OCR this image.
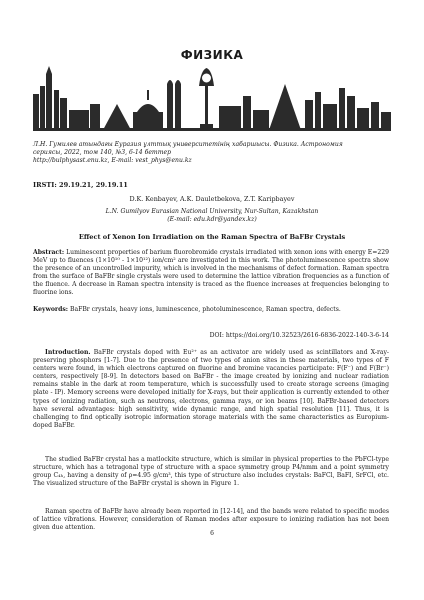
ФИЗИКА
Л.Н. Гумилев атындағы Еуразия ұлттық университетінің хабаршысы. Физика. Астрономия
сериясы, 2022, том 140, №3, 6-14 беттер
http://bulphysast.enu.kz, E-mail: vest_phys@enu.kz
IRSTI: 29.19.21, 29.19.11
D.K. Kenbayev, A.K. Dauletbekova, Z.T. Karipbayev
L.N. Gumilyov Eurasian National University, Nur-Sultan, Kazakhstan
(E-mail: edu.kdr@yandex.kz)
Effect of Xenon Ion Irradiation on the Raman Spectra of BaFBr Crystals
Abstract: Luminescent properties of barium fluorobromide crystals irradiated with xenon ions with energy E=229 MeV up to fluences (1×10¹⁰ - 1×10¹²) ion/cm² are investigated in this work. The photoluminescence spectra show the presence of an uncontrolled impurity, which is involved in the mechanisms of defect formation. Raman spectra from the surface of BaFBr single crystals were used to determine the lattice vibration frequencies as a function of the fluence. A decrease in Raman spectra intensity is traced as the fluence increases at frequencies belonging to fluorine ions.
Keywords: BaFBr crystals, heavy ions, luminescence, photoluminescence, Raman spectra, defects.
DOI: https://doi.org/10.32523/2616-6836-2022-140-3-6-14
Introduction. BaFBr crystals doped with Eu²⁺ as an activator are widely used as scintillators and X-ray-preserving phosphors [1-7]. Due to the presence of two types of anion sites in these materials, two types of F centers were found, in which electrons captured on fluorine and bromine vacancies participate: F(F⁻) and F(Br⁻) centers, respectively [8-9]. In detectors based on BaFBr - the image created by ionizing and nuclear radiation remains stable in the dark at room temperature, which is successfully used to create storage screens (imaging plate - IP). Memory screens were developed initially for X-rays, but their application is currently extended to other types of ionizing radiation, such as neutrons, electrons, gamma rays, or ion beams [10]. BaFBr-based detectors have several advantages: high sensitivity, wide dynamic range, and high spatial resolution [11]. Thus, it is challenging to find optically isotropic information storage materials with the same characteristics as Europium-doped BaFBr.
The studied BaFBr crystal has a matlockite structure, which is similar in physical properties to the PbFCl-type structure, which has a tetragonal type of structure with a space symmetry group P4/nmm and a point symmetry group C₄ₕ, having a density of ρ=4.95 g/cm³, this type of structure also includes crystals: BaFCl, BaFI, SrFCl, etc. The visualized structure of the BaFBr crystal is shown in Figure 1.
Raman spectra of BaFBr have already been reported in [12-14], and the bands were related to specific modes of lattice vibrations. However, consideration of Raman modes after exposure to ionizing radiation has not been given due attention.
6
